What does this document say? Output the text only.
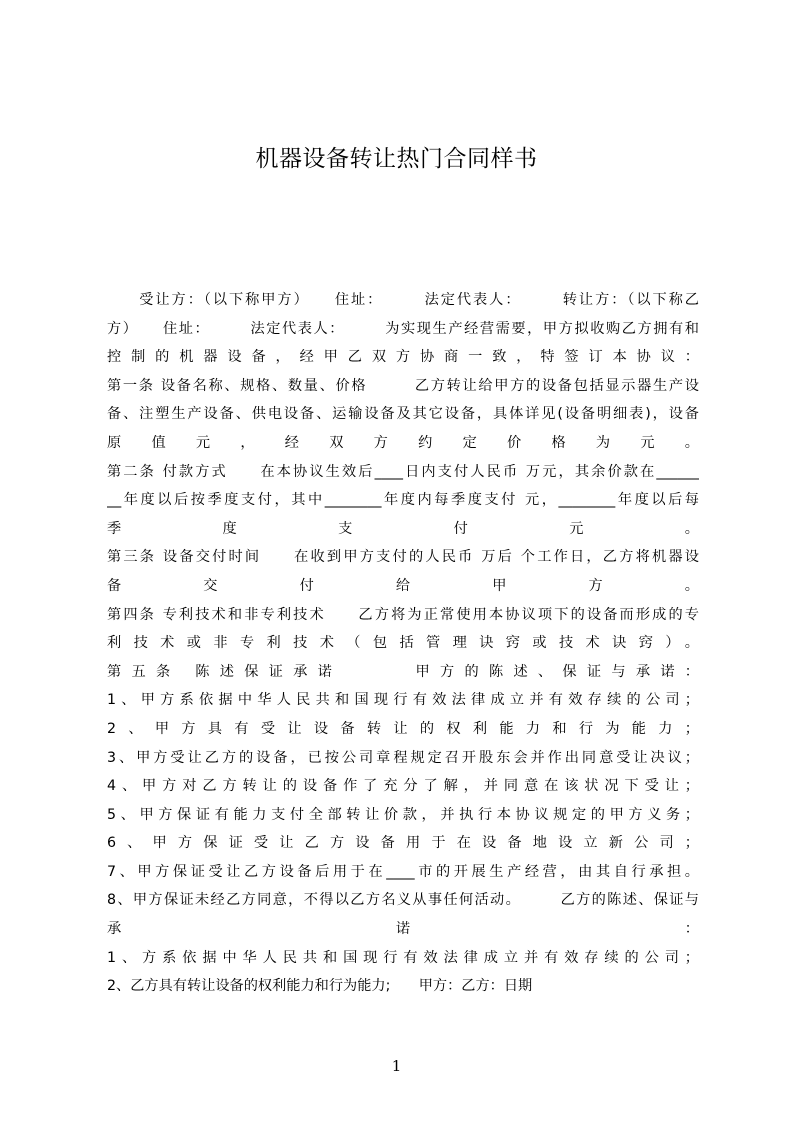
机器设备转让热门合同样书
　　受让方：（以下称甲方）　　住址：　　　法定代表人：　　　转让方：（以下称乙
方）　　住址：　　　法定代表人：　　　为实现生产经营需要，甲方拟收购乙方拥有和
控制的机器设备，经甲乙双方协商一致，特签订本协议：
第一条 设备名称、规格、数量、价格　　　乙方转让给甲方的设备包括显示器生产设
备、注塑生产设备、供电设备、运输设备及其它设备，具体详见(设备明细表)，设备
原 值 元 ， 经 双 方 约 定 价 格 为 元 。
第二条 付款方式　　在本协议生效后____日内支付人民币 万元，其余价款在______
__年度以后按季度支付，其中________年度内每季度支付 元，________年度以后每
季 度 支 付 元 。
第三条 设备交付时间　　在收到甲方支付的人民币 万后 个工作日，乙方将机器设
备 交 付 给 甲 方 。
第四条 专利技术和非专利技术　　乙方将为正常使用本协议项下的设备而形成的专
利技术或非专利技术（包括管理诀窍或技术诀窍）。
第五条 陈述保证承诺　　　甲方的陈述、保证与承诺：
1、甲方系依据中华人民共和国现行有效法律成立并有效存续的公司；
2、甲方具有受让设备转让的权利能力和行为能力；
3、甲方受让乙方的设备，已按公司章程规定召开股东会并作出同意受让决议；
4、甲方对乙方转让的设备作了充分了解，并同意在该状况下受让；
5、甲方保证有能力支付全部转让价款，并执行本协议规定的甲方义务；
6、甲方保证受让乙方设备用于在设备地设立新公司；
7、甲方保证受让乙方设备后用于在____市的开展生产经营，由其自行承担。
8、甲方保证未经乙方同意，不得以乙方名义从事任何活动。　　　乙方的陈述、保证与
承 诺 ：
1、方系依据中华人民共和国现行有效法律成立并有效存续的公司；
2、乙方具有转让设备的权利能力和行为能力;　　甲方：乙方：日期
1
